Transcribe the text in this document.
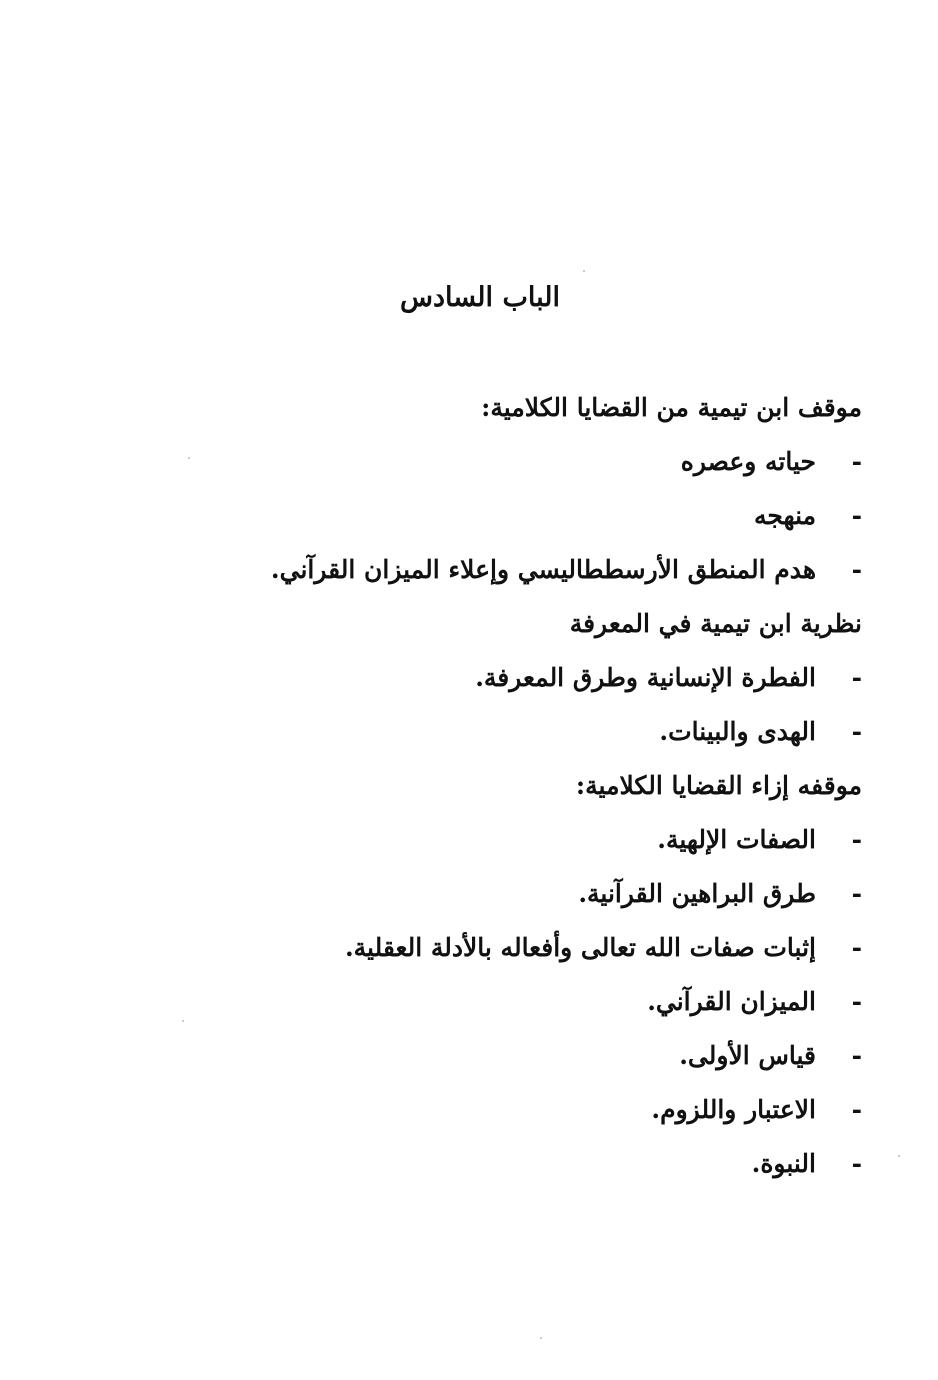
الباب السادس
موقف ابن تيمية من القضايا الكلامية:
-حياته وعصره
-منهجه
-هدم المنطق الأرسططاليسي وإعلاء الميزان القرآني.
نظرية ابن تيمية في المعرفة
-الفطرة الإنسانية وطرق المعرفة.
-الهدى والبينات.
موقفه إزاء القضايا الكلامية:
-الصفات الإلهية.
-طرق البراهين القرآنية.
-إثبات صفات الله تعالى وأفعاله بالأدلة العقلية.
-الميزان القرآني.
-قياس الأولى.
-الاعتبار واللزوم.
-النبوة.
